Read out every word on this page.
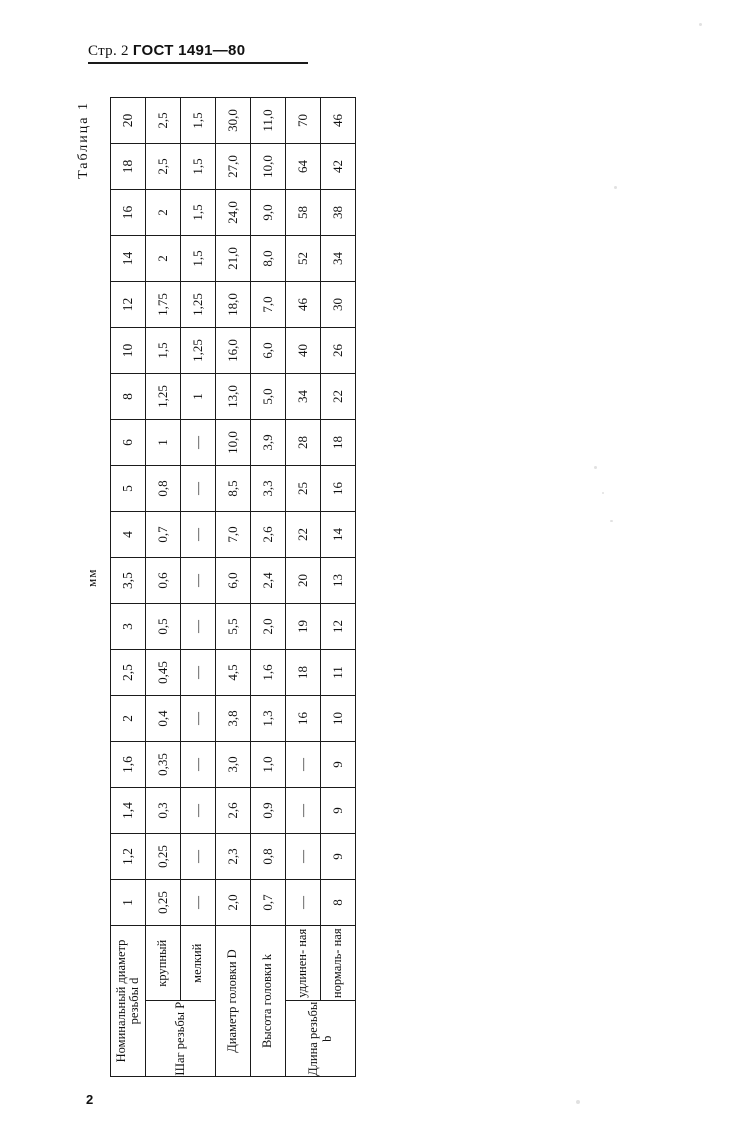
Стр. 2 ГОСТ 1491—80
Таблица 1
мм
Номинальный диаметр резьбы d		1	1,2	1,4	1,6	2	2,5	3	3,5	4	5	6	8	10	12	14	16	18	20
Шаг резьбы P	крупный	0,25	0,25	0,3	0,35	0,4	0,45	0,5	0,6	0,7	0,8	1	1,25	1,5	1,75	2	2	2,5	2,5
	мелкий	—	—	—	—	—	—	—	—	—	—	—	1	1,25	1,25	1,5	1,5	1,5	1,5
Диаметр головки D		2,0	2,3	2,6	3,0	3,8	4,5	5,5	6,0	7,0	8,5	10,0	13,0	16,0	18,0	21,0	24,0	27,0	30,0
Высота головки k		0,7	0,8	0,9	1,0	1,3	1,6	2,0	2,4	2,6	3,3	3,9	5,0	6,0	7,0	8,0	9,0	10,0	11,0
Длина резьбы b	удлинен- ная	—	—	—	—	16	18	19	20	22	25	28	34	40	46	52	58	64	70
	нормаль- ная	8	9	9	9	10	11	12	13	14	16	18	22	26	30	34	38	42	46
2
